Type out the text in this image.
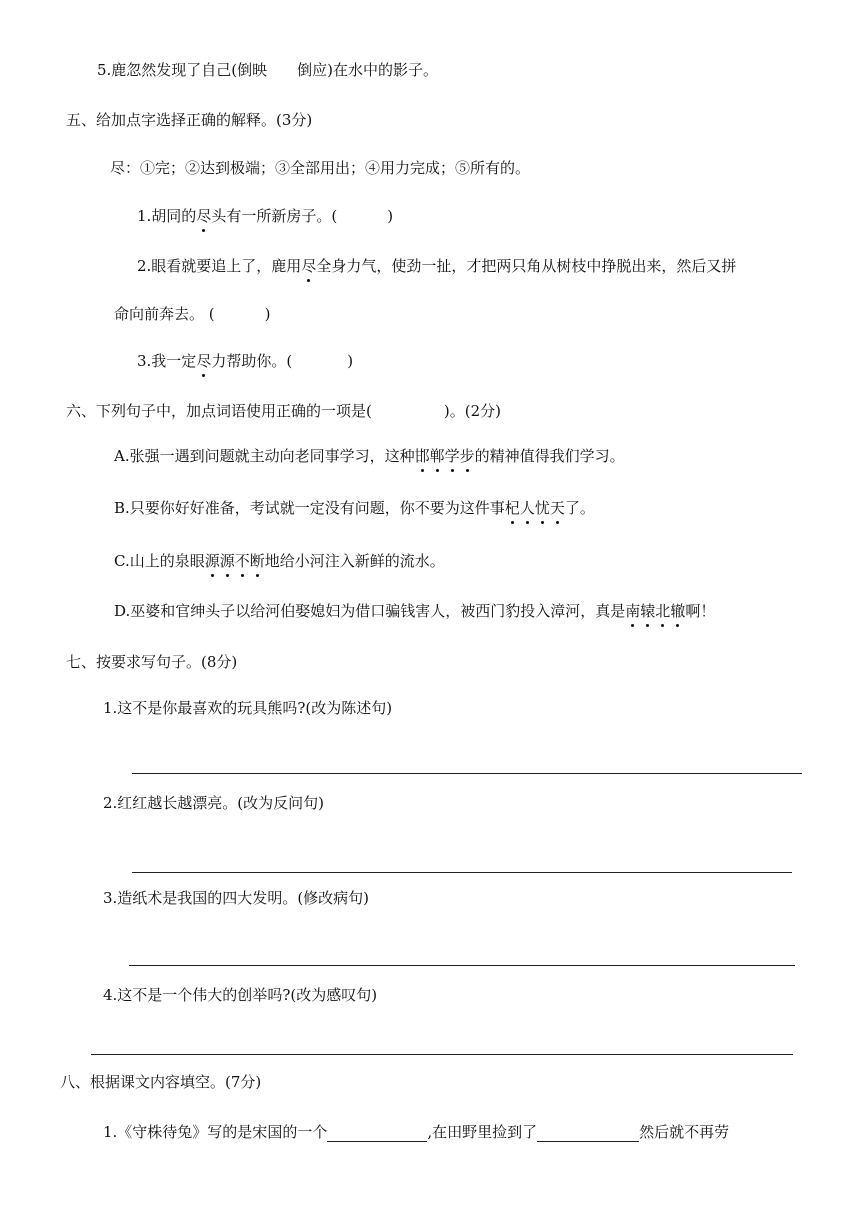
5.鹿忽然发现了自己(倒映 倒应)在水中的影子。
五、给加点字选择正确的解释。(3分)
尽：①完；②达到极端；③全部用出；④用力完成；⑤所有的。
1.胡同的尽头有一所新房子。(	)
2.眼看就要追上了，鹿用尽全身力气，使劲一扯，才把两只角从树枝中挣脱出来，然后又拼
命向前奔去。 (	)
3.我一定尽力帮助你。(	)
六、下列句子中，加点词语使用正确的一项是(	)。(2分)
A.张强一遇到问题就主动向老同事学习，这种邯郸学步的精神值得我们学习。
B.只要你好好准备，考试就一定没有问题，你不要为这件事杞人忧天了。
C.山上的泉眼源源不断地给小河注入新鲜的流水。
D.巫婆和官绅头子以给河伯娶媳妇为借口骗钱害人，被西门豹投入漳河，真是南辕北辙啊！
七、按要求写句子。(8分)
1.这不是你最喜欢的玩具熊吗?(改为陈述句)
2.红红越长越漂亮。(改为反问句)
3.造纸术是我国的四大发明。(修改病句)
4.这不是一个伟大的创举吗?(改为感叹句)
八、根据课文内容填空。(7分)
1.《守株待兔》写的是宋国的一个	,在田野里捡到了	然后就不再劳
